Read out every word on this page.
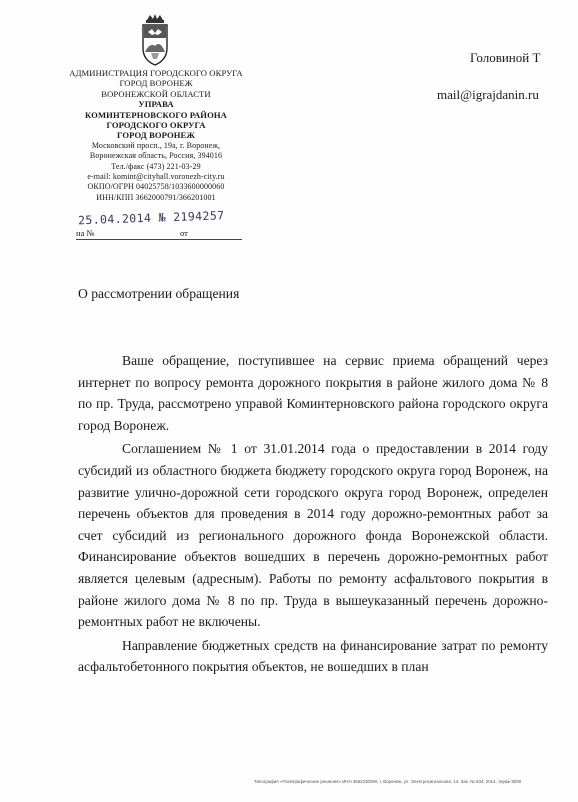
АДМИНИСТРАЦИЯ ГОРОДСКОГО ОКРУГА
ГОРОД ВОРОНЕЖ
ВОРОНЕЖСКОЙ ОБЛАСТИ
УПРАВА
КОМИНТЕРНОВСКОГО РАЙОНА
ГОРОДСКОГО ОКРУГА
ГОРОД ВОРОНЕЖ
Московский просп., 19а, г. Воронеж,
Воронежская область, Россия, 394016
Тел./факс (473) 221-03-29
e-mail: komint@cityhall.voronezh-city.ru
ОКПО/ОГРН 04025758/1033600000060
ИНН/КПП 3662000791/366201001
25.04.2014 № 2194257
на №	от
Головиной Т
mail@igrajdanin.ru
О рассмотрении обращения

Ваше обращение, поступившее на сервис приема обращений через интернет по вопросу ремонта дорожного покрытия в районе жилого дома № 8 по пр. Труда, рассмотрено управой Коминтерновского района городского округа город Воронеж.

Соглашением № 1 от 31.01.2014 года о предоставлении в 2014 году субсидий из областного бюджета бюджету городского округа город Воронеж, на развитие улично-дорожной сети городского округа город Воронеж, определен перечень объектов для проведения в 2014 году дорожно-ремонтных работ за счет субсидий из регионального дорожного фонда Воронежской области. Финансирование объектов вошедших в перечень дорожно-ремонтных работ является целевым (адресным). Работы по ремонту асфальтового покрытия в районе жилого дома № 8 по пр. Труда в вышеуказанный перечень дорожно-ремонтных работ не включены.

Направление бюджетных средств на финансирование затрат по ремонту асфальтобетонного покрытия объектов, не вошедших в план

Типография «Полиграфические решения» ИНН 3662230090, г. Воронеж, ул. Электросигнальная, 14. Зак. № 634, 2014, тираж 5000
